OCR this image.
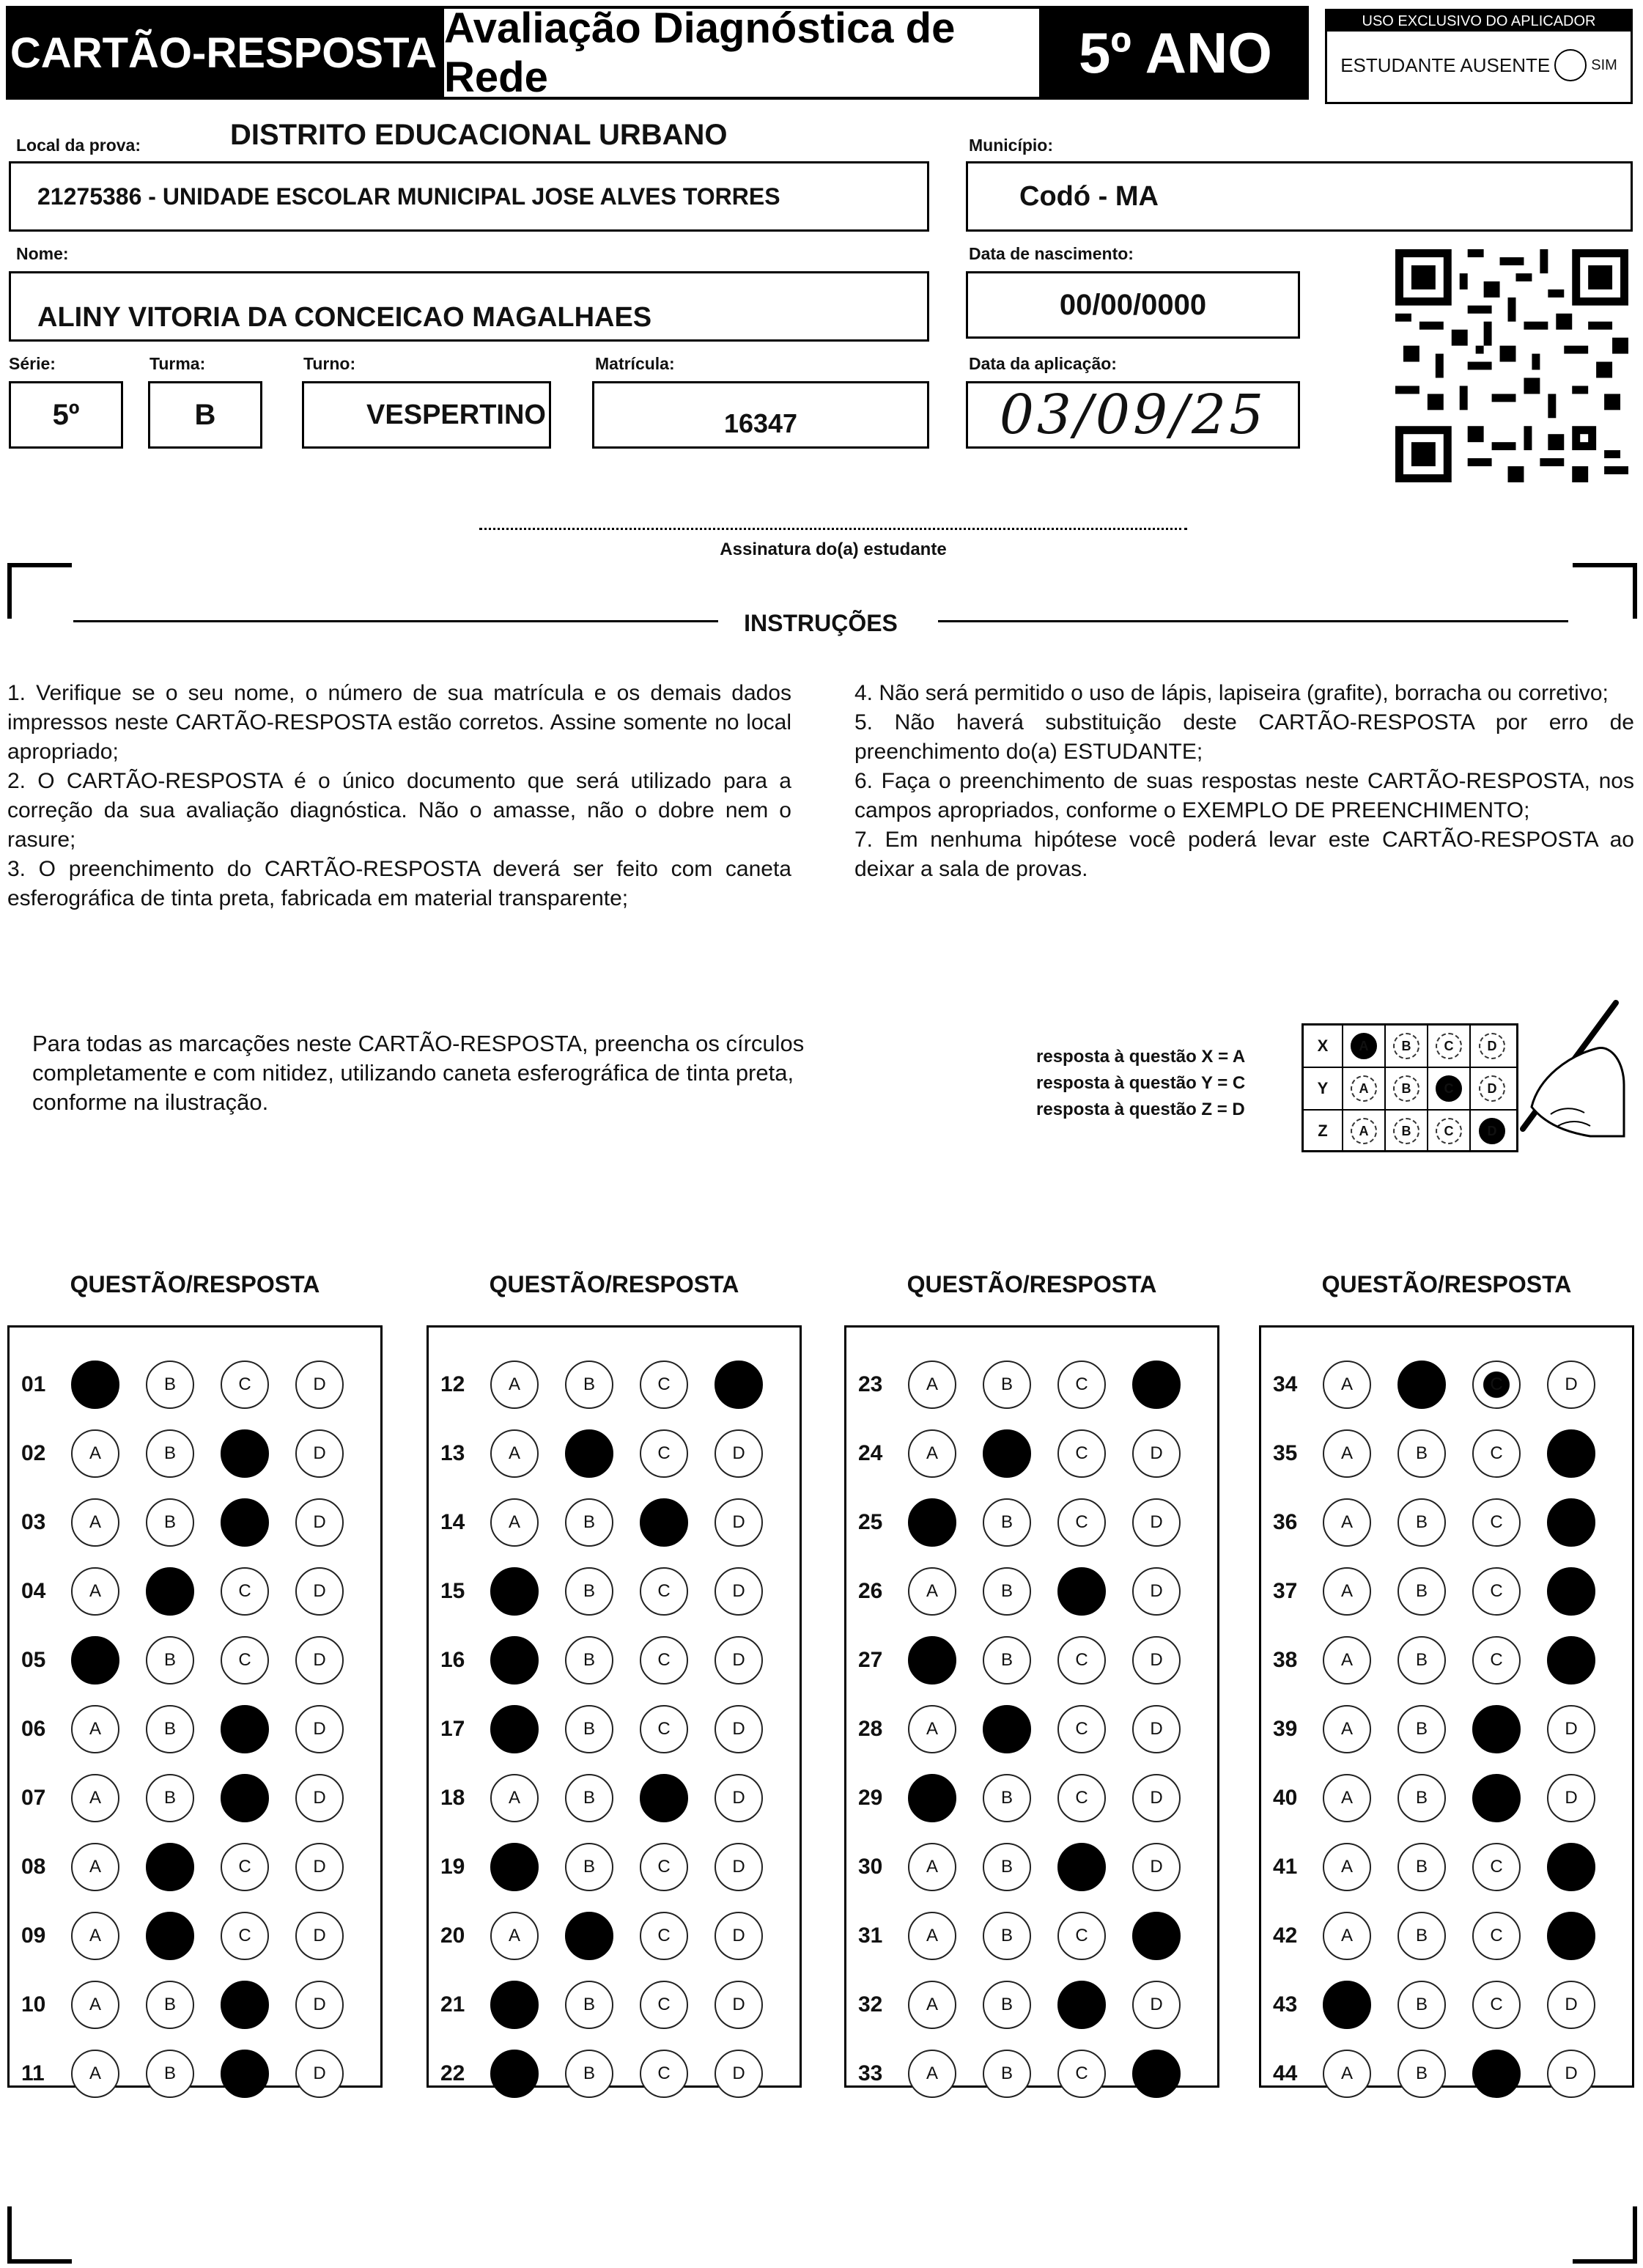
CARTÃO-RESPOSTA
Avaliação Diagnóstica de Rede	5º ANO	USO EXCLUSIVO DO APLICADOR
ESTUDANTE AUSENTE	SIM
Local da prova:	DISTRITO EDUCACIONAL URBANO
21275386 - UNIDADE ESCOLAR MUNICIPAL JOSE ALVES TORRES
Município:
Codó - MA
Nome:
ALINY VITORIA DA CONCEICAO MAGALHAES
Data de nascimento:
00/00/0000
Série:
5º
Turma:
B
Turno:
VESPERTINO
Matrícula:
16347
Data da aplicação:
03/09/25
Assinatura do(a) estudante
INSTRUÇÕES

1. Verifique se o seu nome, o número de sua matrícula e os demais dados impressos neste CARTÃO-RESPOSTA estão corretos. Assine somente no local apropriado;

2. O CARTÃO-RESPOSTA é o único documento que será utilizado para a correção da sua avaliação diagnóstica. Não o amasse, não o dobre nem o rasure;

3. O preenchimento do CARTÃO-RESPOSTA deverá ser feito com caneta esferográfica de tinta preta, fabricada em material transparente;

4. Não será permitido o uso de lápis, lapiseira (grafite), borracha ou corretivo;

5. Não haverá substituição deste CARTÃO-RESPOSTA por erro de preenchimento do(a) ESTUDANTE;

6. Faça o preenchimento de suas respostas neste CARTÃO-RESPOSTA, nos campos apropriados, conforme o EXEMPLO DE PREENCHIMENTO;

7. Em nenhuma hipótese você poderá levar este CARTÃO-RESPOSTA ao deixar a sala de provas.

Para todas as marcações neste CARTÃO-RESPOSTA, preencha os círculos completamente e com nitidez, utilizando caneta esferográfica de tinta preta, conforme na ilustração.
resposta à questão X = A
resposta à questão Y = C
resposta à questão Z = D
X	A	B	C	D
Y	A	B	C	D
Z	A	B	C	D
QUESTÃO/RESPOSTA
01	A	B	C	D
02	A	B	C	D
03	A	B	C	D
04	A	B	C	D
05	A	B	C	D
06	A	B	C	D
07	A	B	C	D
08	A	B	C	D
09	A	B	C	D
10	A	B	C	D
11	A	B	C	D
QUESTÃO/RESPOSTA
12	A	B	C	D
13	A	B	C	D
14	A	B	C	D
15	A	B	C	D
16	A	B	C	D
17	A	B	C	D
18	A	B	C	D
19	A	B	C	D
20	A	B	C	D
21	A	B	C	D
22	A	B	C	D
QUESTÃO/RESPOSTA
23	A	B	C	D
24	A	B	C	D
25	A	B	C	D
26	A	B	C	D
27	A	B	C	D
28	A	B	C	D
29	A	B	C	D
30	A	B	C	D
31	A	B	C	D
32	A	B	C	D
33	A	B	C	D
QUESTÃO/RESPOSTA
34	A	B	C	D
35	A	B	C	D
36	A	B	C	D
37	A	B	C	D
38	A	B	C	D
39	A	B	C	D
40	A	B	C	D
41	A	B	C	D
42	A	B	C	D
43	A	B	C	D
44	A	B	C	D
